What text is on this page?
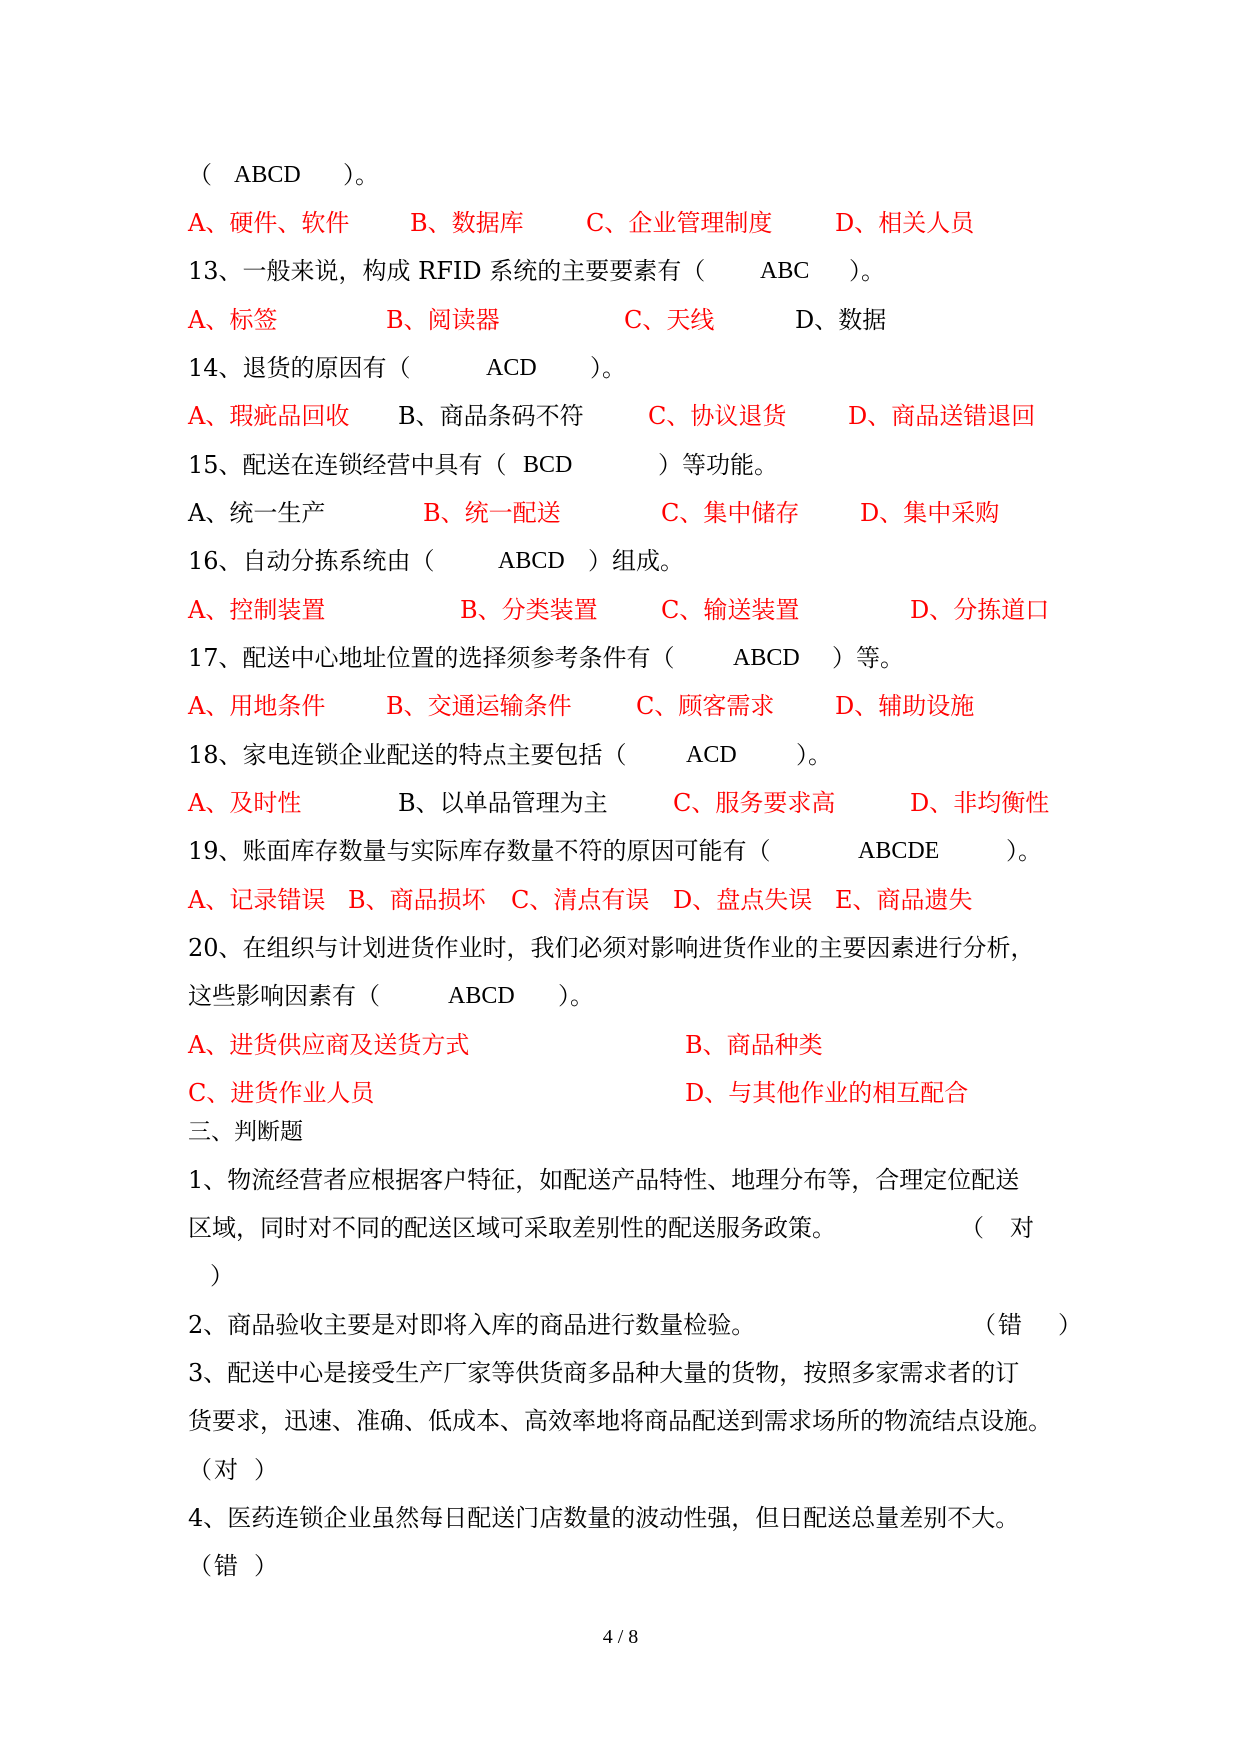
（ ABCD ）。
A、硬件、软件	B、数据库	C、企业管理制度	D、相关人员
13、一般来说，构成 RFID 系统的主要要素有（ ABC ）。
A、标签	B、阅读器	C、天线	D、数据
14、退货的原因有（	ACD ）。
A、瑕疵品回收 B、商品条码不符	C、协议退货	D、商品送错退回
15、配送在连锁经营中具有（ BCD	）等功能。
A、统一生产	B、统一配送	C、集中储存	D、集中采购
16、自动分拣系统由（	ABCD ）组成。
A、控制装置	B、分类装置	C、输送装置	D、分拣道口
17、配送中心地址位置的选择须参考条件有（ ABCD ）等。
A、用地条件	B、交通运输条件	C、顾客需求	D、辅助设施
18、家电连锁企业配送的特点主要包括（ ACD ）。
A、及时性	B、以单品管理为主	C、服务要求高	D、非均衡性
19、账面库存数量与实际库存数量不符的原因可能有（	ABCDE	）。
A、记录错误 B、商品损坏 C、清点有误 D、盘点失误 E、商品遗失
20、在组织与计划进货作业时，我们必须对影响进货作业的主要因素进行分析，
这些影响因素有（	ABCD ）。
A、进货供应商及送货方式	B、商品种类
C、进货作业人员	D、与其他作业的相互配合
三、判断题
1、物流经营者应根据客户特征，如配送产品特性、地理分布等，合理定位配送
区域，同时对不同的配送区域可采取差别性的配送服务政策。	（ 对
）
2、商品验收主要是对即将入库的商品进行数量检验。	（ 错 ）
3、配送中心是接受生产厂家等供货商多品种大量的货物，按照多家需求者的订
货要求，迅速、准确、低成本、高效率地将商品配送到需求场所的物流结点设施。
（ 对 ）
4、医药连锁企业虽然每日配送门店数量的波动性强，但日配送总量差别不大。
（ 错 ）
4 / 8
